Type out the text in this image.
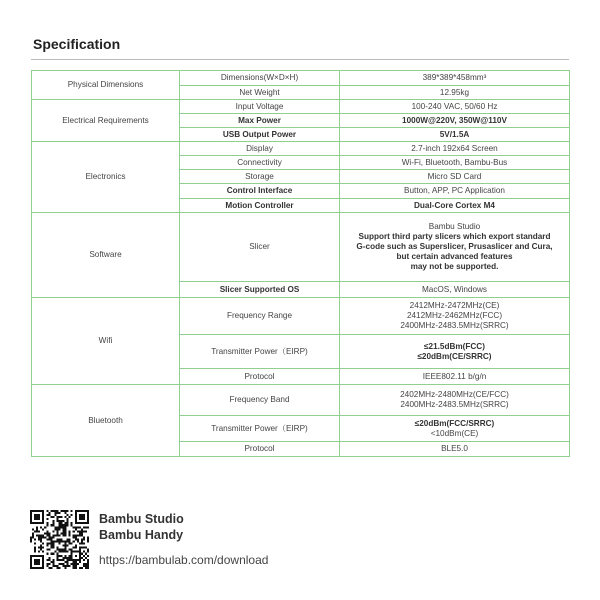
Specification
Physical Dimensions	Dimensions(W×D×H)	389*389*458mm³

	Net Weight	12.95kg

Electrical Requirements	Input Voltage	100-240 VAC, 50/60 Hz

	Max Power	1000W@220V, 350W@110V

	USB Output Power	5V/1.5A

Electronics	Display	2.7-inch 192x64 Screen

	Connectivity	Wi-Fi, Bluetooth, Bambu-Bus

	Storage	Micro SD Card

	Control Interface	Button, APP, PC Application

	Motion Controller	Dual-Core Cortex M4

Software	Slicer	Bambu Studio
Support third party slicers which export standard
G-code such as Superslicer, Prusaslicer and Cura,
but certain advanced features
may not be supported.

	Slicer Supported OS	MacOS, Windows

Wifi	Frequency Range	2412MHz-2472MHz(CE)
2412MHz-2462MHz(FCC)
2400MHz-2483.5MHz(SRRC)

	Transmitter Power（EIRP)	≤21.5dBm(FCC)
≤20dBm(CE/SRRC)

	Protocol	IEEE802.11 b/g/n

Bluetooth	Frequency Band	2402MHz-2480MHz(CE/FCC)
2400MHz-2483.5MHz(SRRC)

	Transmitter Power（EIRP)	≤20dBm(FCC/SRRC)
<10dBm(CE)

	Protocol	BLE5.0
Bambu Studio
Bambu Handy
https://bambulab.com/download
